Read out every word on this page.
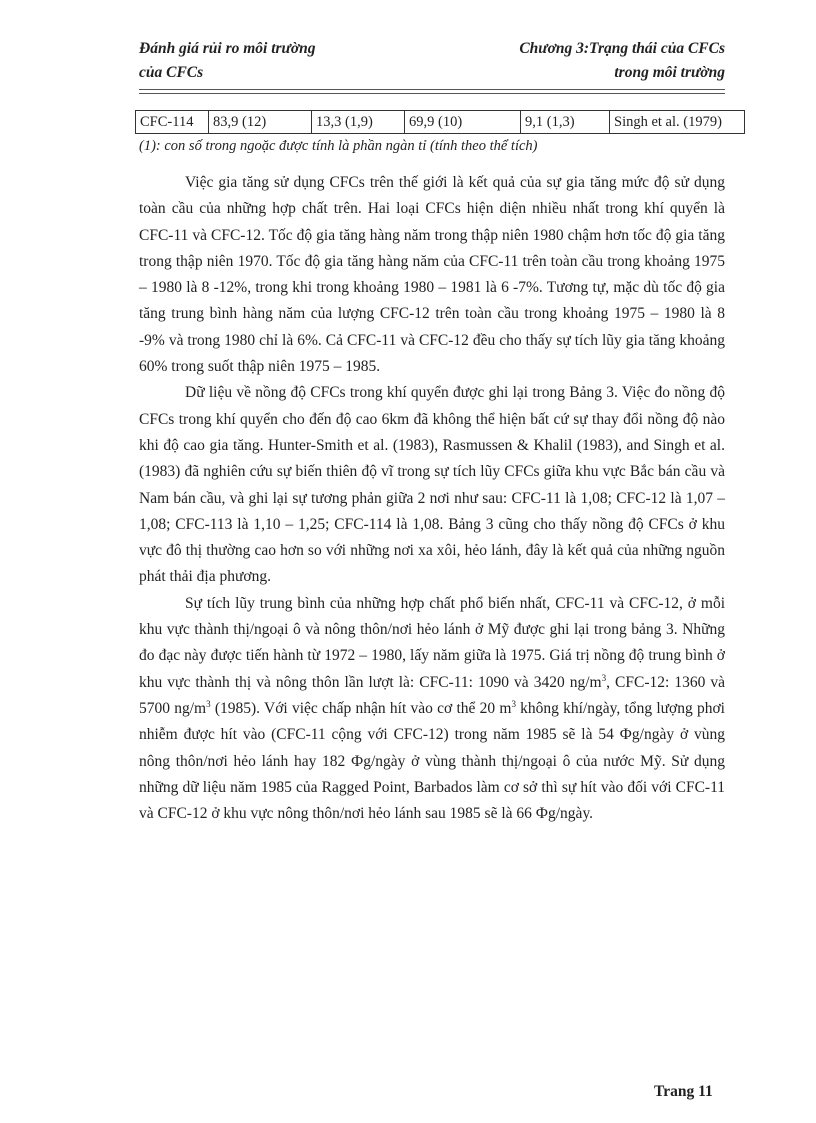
Đánh giá rủi ro môi trường
của CFCs
Chương 3:Trạng thái của CFCs
trong môi trường
CFC-114	83,9 (12)	13,3 (1,9)	69,9 (10)	9,1 (1,3)	Singh et al. (1979)
(1): con số trong ngoặc được tính là phần ngàn tỉ (tính theo thể tích)

Việc gia tăng sử dụng CFCs trên thế giới là kết quả của sự gia tăng mức độ sử dụng toàn cầu của những hợp chất trên. Hai loại CFCs hiện diện nhiều nhất trong khí quyển là CFC-11 và CFC-12. Tốc độ gia tăng hàng năm trong thập niên 1980 chậm hơn tốc độ gia tăng trong thập niên 1970. Tốc độ gia tăng hàng năm của CFC-11 trên toàn cầu trong khoảng 1975 – 1980 là 8 -12%, trong khi trong khoảng 1980 – 1981 là 6 -7%. Tương tự, mặc dù tốc độ gia tăng trung bình hàng năm của lượng CFC-12 trên toàn cầu trong khoảng 1975 – 1980 là 8 -9% và trong 1980 chỉ là 6%. Cả CFC-11 và CFC-12 đều cho thấy sự tích lũy gia tăng khoảng 60% trong suốt thập niên 1975 – 1985.

Dữ liệu về nồng độ CFCs trong khí quyển được ghi lại trong Bảng 3. Việc đo nồng độ CFCs trong khí quyển cho đến độ cao 6km đã không thể hiện bất cứ sự thay đổi nồng độ nào khi độ cao gia tăng. Hunter-Smith et al. (1983), Rasmussen & Khalil (1983), and Singh et al. (1983) đã nghiên cứu sự biến thiên độ vĩ trong sự tích lũy CFCs giữa khu vực Bắc bán cầu và Nam bán cầu, và ghi lại sự tương phản giữa 2 nơi như sau: CFC-11 là 1,08; CFC-12 là 1,07 – 1,08; CFC-113 là 1,10 – 1,25; CFC-114 là 1,08. Bảng 3 cũng cho thấy nồng độ CFCs ở khu vực đô thị thường cao hơn so với những nơi xa xôi, hẻo lánh, đây là kết quả của những nguồn phát thải địa phương.

Sự tích lũy trung bình của những hợp chất phổ biến nhất, CFC-11 và CFC-12, ở mỗi khu vực thành thị/ngoại ô và nông thôn/nơi hẻo lánh ở Mỹ được ghi lại trong bảng 3. Những đo đạc này được tiến hành từ 1972 – 1980, lấy năm giữa là 1975. Giá trị nồng độ trung bình ở khu vực thành thị và nông thôn lần lượt là: CFC-11: 1090 và 3420 $ng/m^3$, CFC-12: 1360 và 5700 $ng/m^3$ (1985). Với việc chấp nhận hít vào cơ thể 20 $m^3$ không khí/ngày, tổng lượng phơi nhiễm được hít vào (CFC-11 cộng với CFC-12) trong năm 1985 sẽ là 54 Фg/ngày ở vùng nông thôn/nơi hẻo lánh hay 182 Фg/ngày ở vùng thành thị/ngoại ô của nước Mỹ. Sử dụng những dữ liệu năm 1985 của Ragged Point, Barbados làm cơ sở thì sự hít vào đối với CFC-11 và CFC-12 ở khu vực nông thôn/nơi hẻo lánh sau 1985 sẽ là 66 Фg/ngày.

Trang 11
